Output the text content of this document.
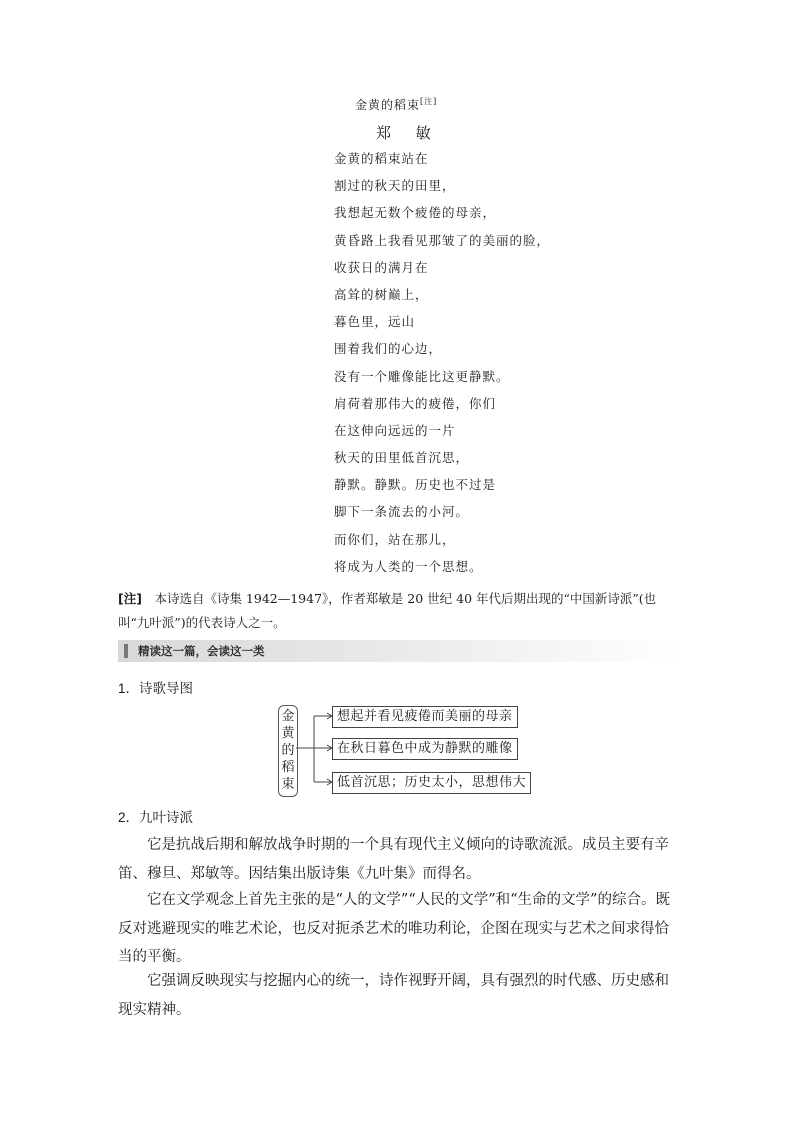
金黄的稻束[注]
郑 敏
金黄的稻束站在
割过的秋天的田里，
我想起无数个疲倦的母亲，
黄昏路上我看见那皱了的美丽的脸，
收获日的满月在
高耸的树巅上，
暮色里，远山
围着我们的心边，
没有一个雕像能比这更静默。
肩荷着那伟大的疲倦，你们
在这伸向远远的一片
秋天的田里低首沉思，
静默。静默。历史也不过是
脚下一条流去的小河。
而你们，站在那儿，
将成为人类的一个思想。
[注]　本诗选自《诗集 1942—1947》，作者郑敏是 20 世纪 40 年代后期出现的“中国新诗派”(也叫“九叶派”)的代表诗人之一。
精读这一篇，会读这一类
1．诗歌导图
金
黄
的
稻
束
想起并看见疲倦而美丽的母亲
在秋日暮色中成为静默的雕像
低首沉思；历史太小，思想伟大
2．九叶诗派
它是抗战后期和解放战争时期的一个具有现代主义倾向的诗歌流派。成员主要有辛笛、穆旦、郑敏等。因结集出版诗集《九叶集》而得名。
它在文学观念上首先主张的是“人的文学”“人民的文学”和“生命的文学”的综合。既反对逃避现实的唯艺术论，也反对扼杀艺术的唯功利论，企图在现实与艺术之间求得恰当的平衡。
它强调反映现实与挖掘内心的统一，诗作视野开阔，具有强烈的时代感、历史感和现实精神。
